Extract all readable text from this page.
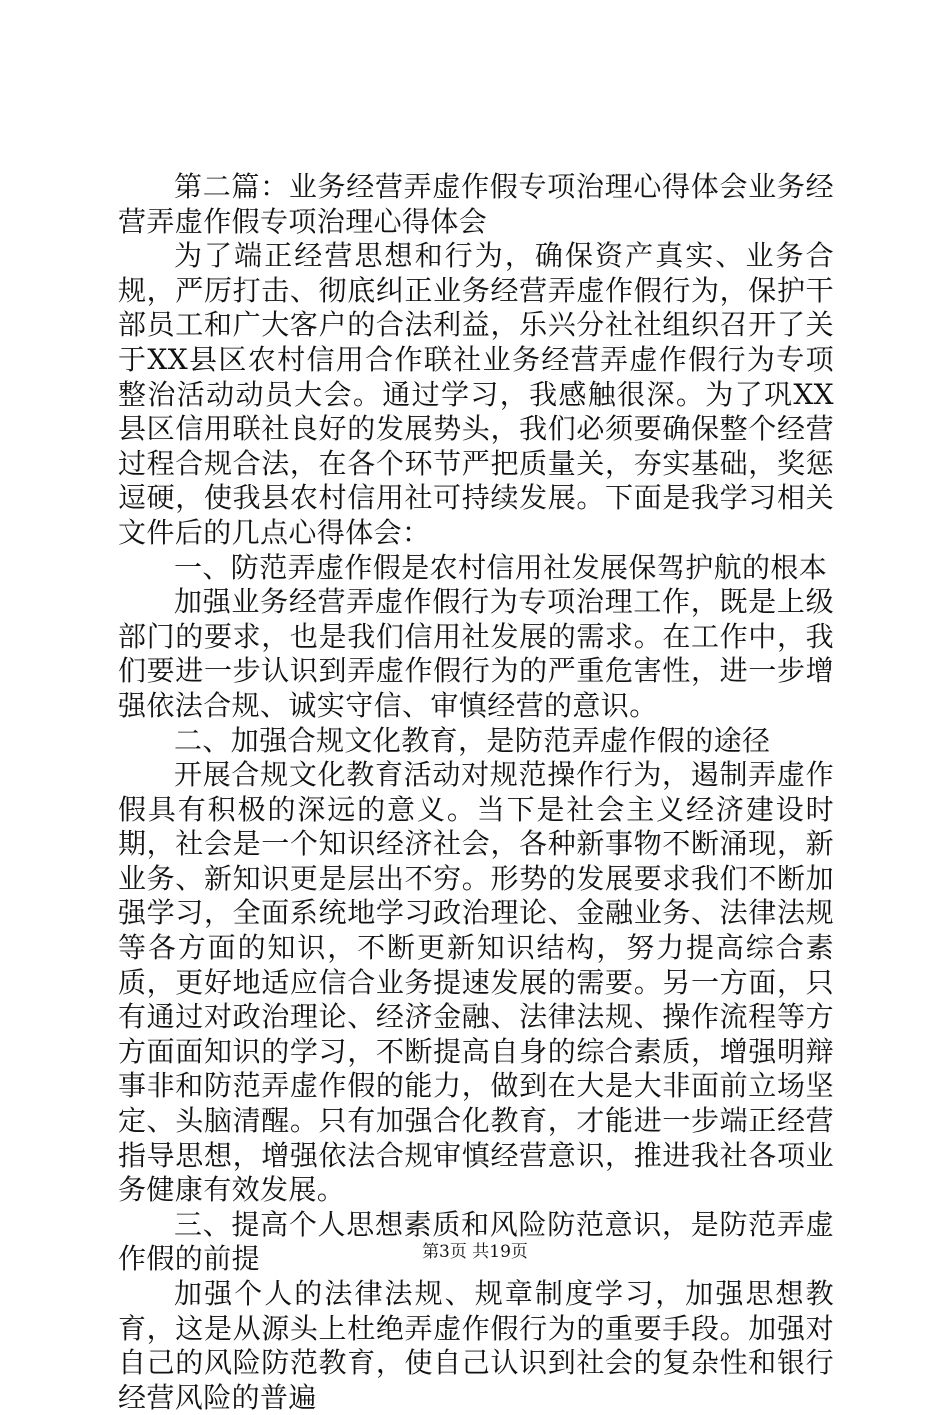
第二篇：业务经营弄虚作假专项治理心得体会业务经营弄虚作假专项治理心得体会

为了端正经营思想和行为，确保资产真实、业务合规，严厉打击、彻底纠正业务经营弄虚作假行为，保护干部员工和广大客户的合法利益，乐兴分社社组织召开了关于XX县区农村信用合作联社业务经营弄虚作假行为专项整治活动动员大会。通过学习，我感触很深。为了巩XX县区信用联社良好的发展势头，我们必须要确保整个经营过程合规合法，在各个环节严把质量关，夯实基础，奖惩逗硬，使我县农村信用社可持续发展。下面是我学习相关文件后的几点心得体会：

一、防范弄虚作假是农村信用社发展保驾护航的根本

加强业务经营弄虚作假行为专项治理工作，既是上级部门的要求，也是我们信用社发展的需求。在工作中，我们要进一步认识到弄虚作假行为的严重危害性，进一步增强依法合规、诚实守信、审慎经营的意识。

二、加强合规文化教育，是防范弄虚作假的途径

开展合规文化教育活动对规范操作行为，遏制弄虚作假具有积极的深远的意义。当下是社会主义经济建设时期，社会是一个知识经济社会，各种新事物不断涌现，新业务、新知识更是层出不穷。形势的发展要求我们不断加强学习，全面系统地学习政治理论、金融业务、法律法规等各方面的知识，不断更新知识结构，努力提高综合素质，更好地适应信合业务提速发展的需要。另一方面，只有通过对政治理论、经济金融、法律法规、操作流程等方方面面知识的学习，不断提高自身的综合素质，增强明辩事非和防范弄虚作假的能力，做到在大是大非面前立场坚定、头脑清醒。只有加强合化教育，才能进一步端正经营指导思想，增强依法合规审慎经营意识，推进我社各项业务健康有效发展。

三、提高个人思想素质和风险防范意识，是防范弄虚作假的前提

加强个人的法律法规、规章制度学习，加强思想教育，这是从源头上杜绝弄虚作假行为的重要手段。加强对自己的风险防范教育，使自己认识到社会的复杂性和银行经营风险的普遍

第3页 共19页
